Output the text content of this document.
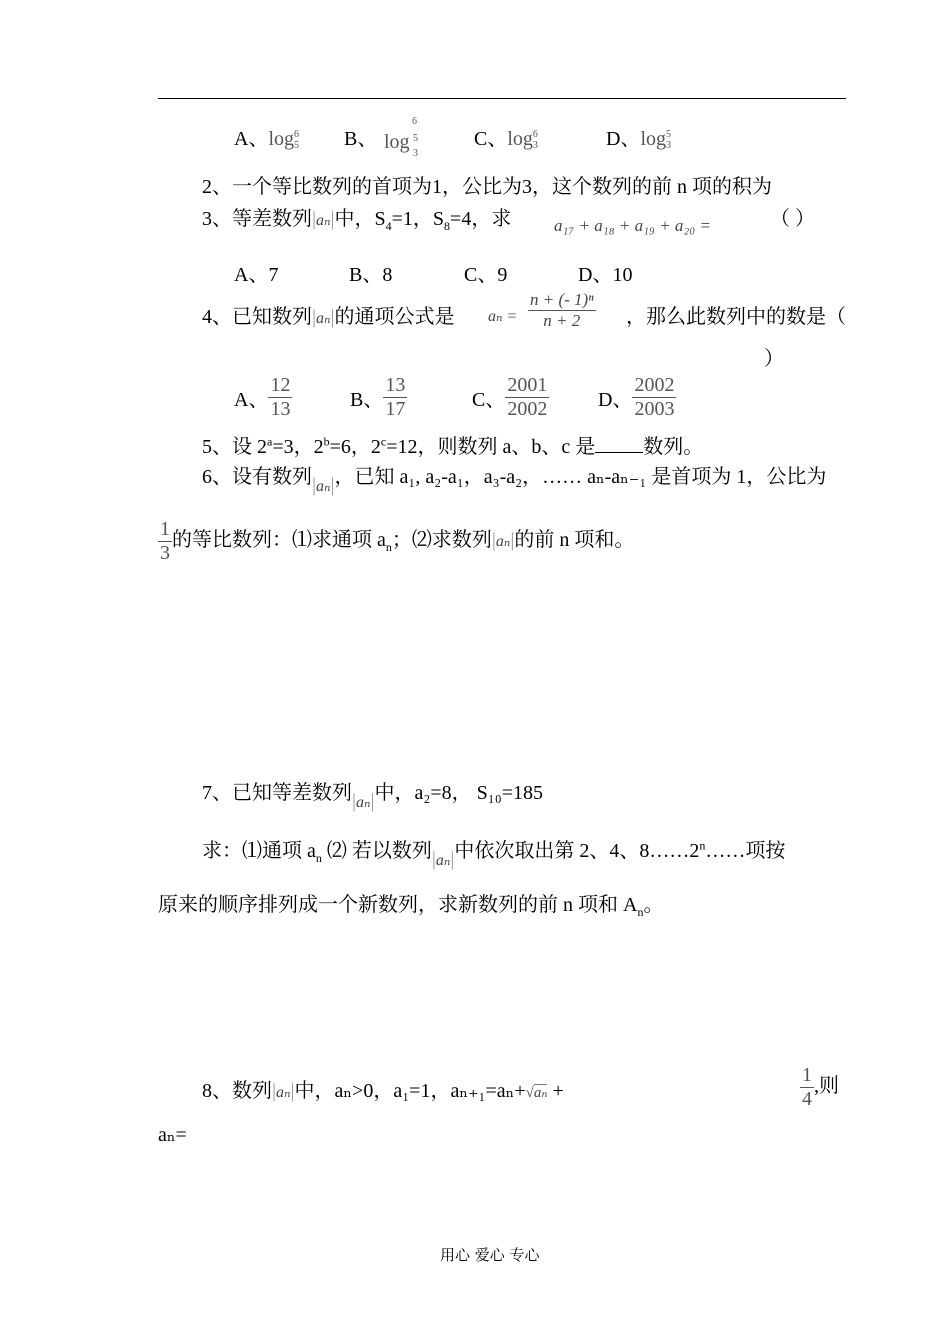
A、log 6
5 B、
6
log 5
3
C、log 6
3	D、log 5
3
2、一个等比数列的首项为1，公比为3，这个数列的前 n 项的积为
3、等差数列|aₙ|中，$S_4=1$，$S_8=4$，求	a₁₇ + a₁₈ + a₁₉ + a₂₀ =	（ ）
A、7	B、8	C、9	D、10
4、已知数列|aₙ|的通项公式是 $a_n = \frac{\text{n + (- 1)ⁿ}}{n + 2}$ ，那么此数列中的数是（
）
A、 $\frac{12}{13}$	B、 $\frac{13}{17}$	C、 $\frac{2001}{2002}$ D、 $\frac{2002}{2003}$
5、设 $2^a=3$，$2^b=6$，$2^c=12$，则数列 a、b、c 是 数列。
6、设有数列|aₙ|，已知 a₁, a₂-a₁，a₃-a₂，…… aₙ-aₙ₋₁ 是首项为 1，公比为
$\frac{1}{3}$ 的等比数列：⑴求通项 $a_n$；⑵求数列|aₙ|的前 n 项和。
7、已知等差数列|aₙ|中，a₂=8， S₁₀=185
求：⑴通项 $a_n$ ⑵ 若以数列|aₙ|中依次取出第 2、4、8……2$^n$……项按
原来的顺序排列成一个新数列，求新数列的前 n 项和 $A_n$。
8、数列|aₙ|中，aₙ>0，a₁=1，aₙ₊₁=aₙ+√aₙ +	$\frac{1}{4}$ ,则
aₙ=
用心 爱心 专心
